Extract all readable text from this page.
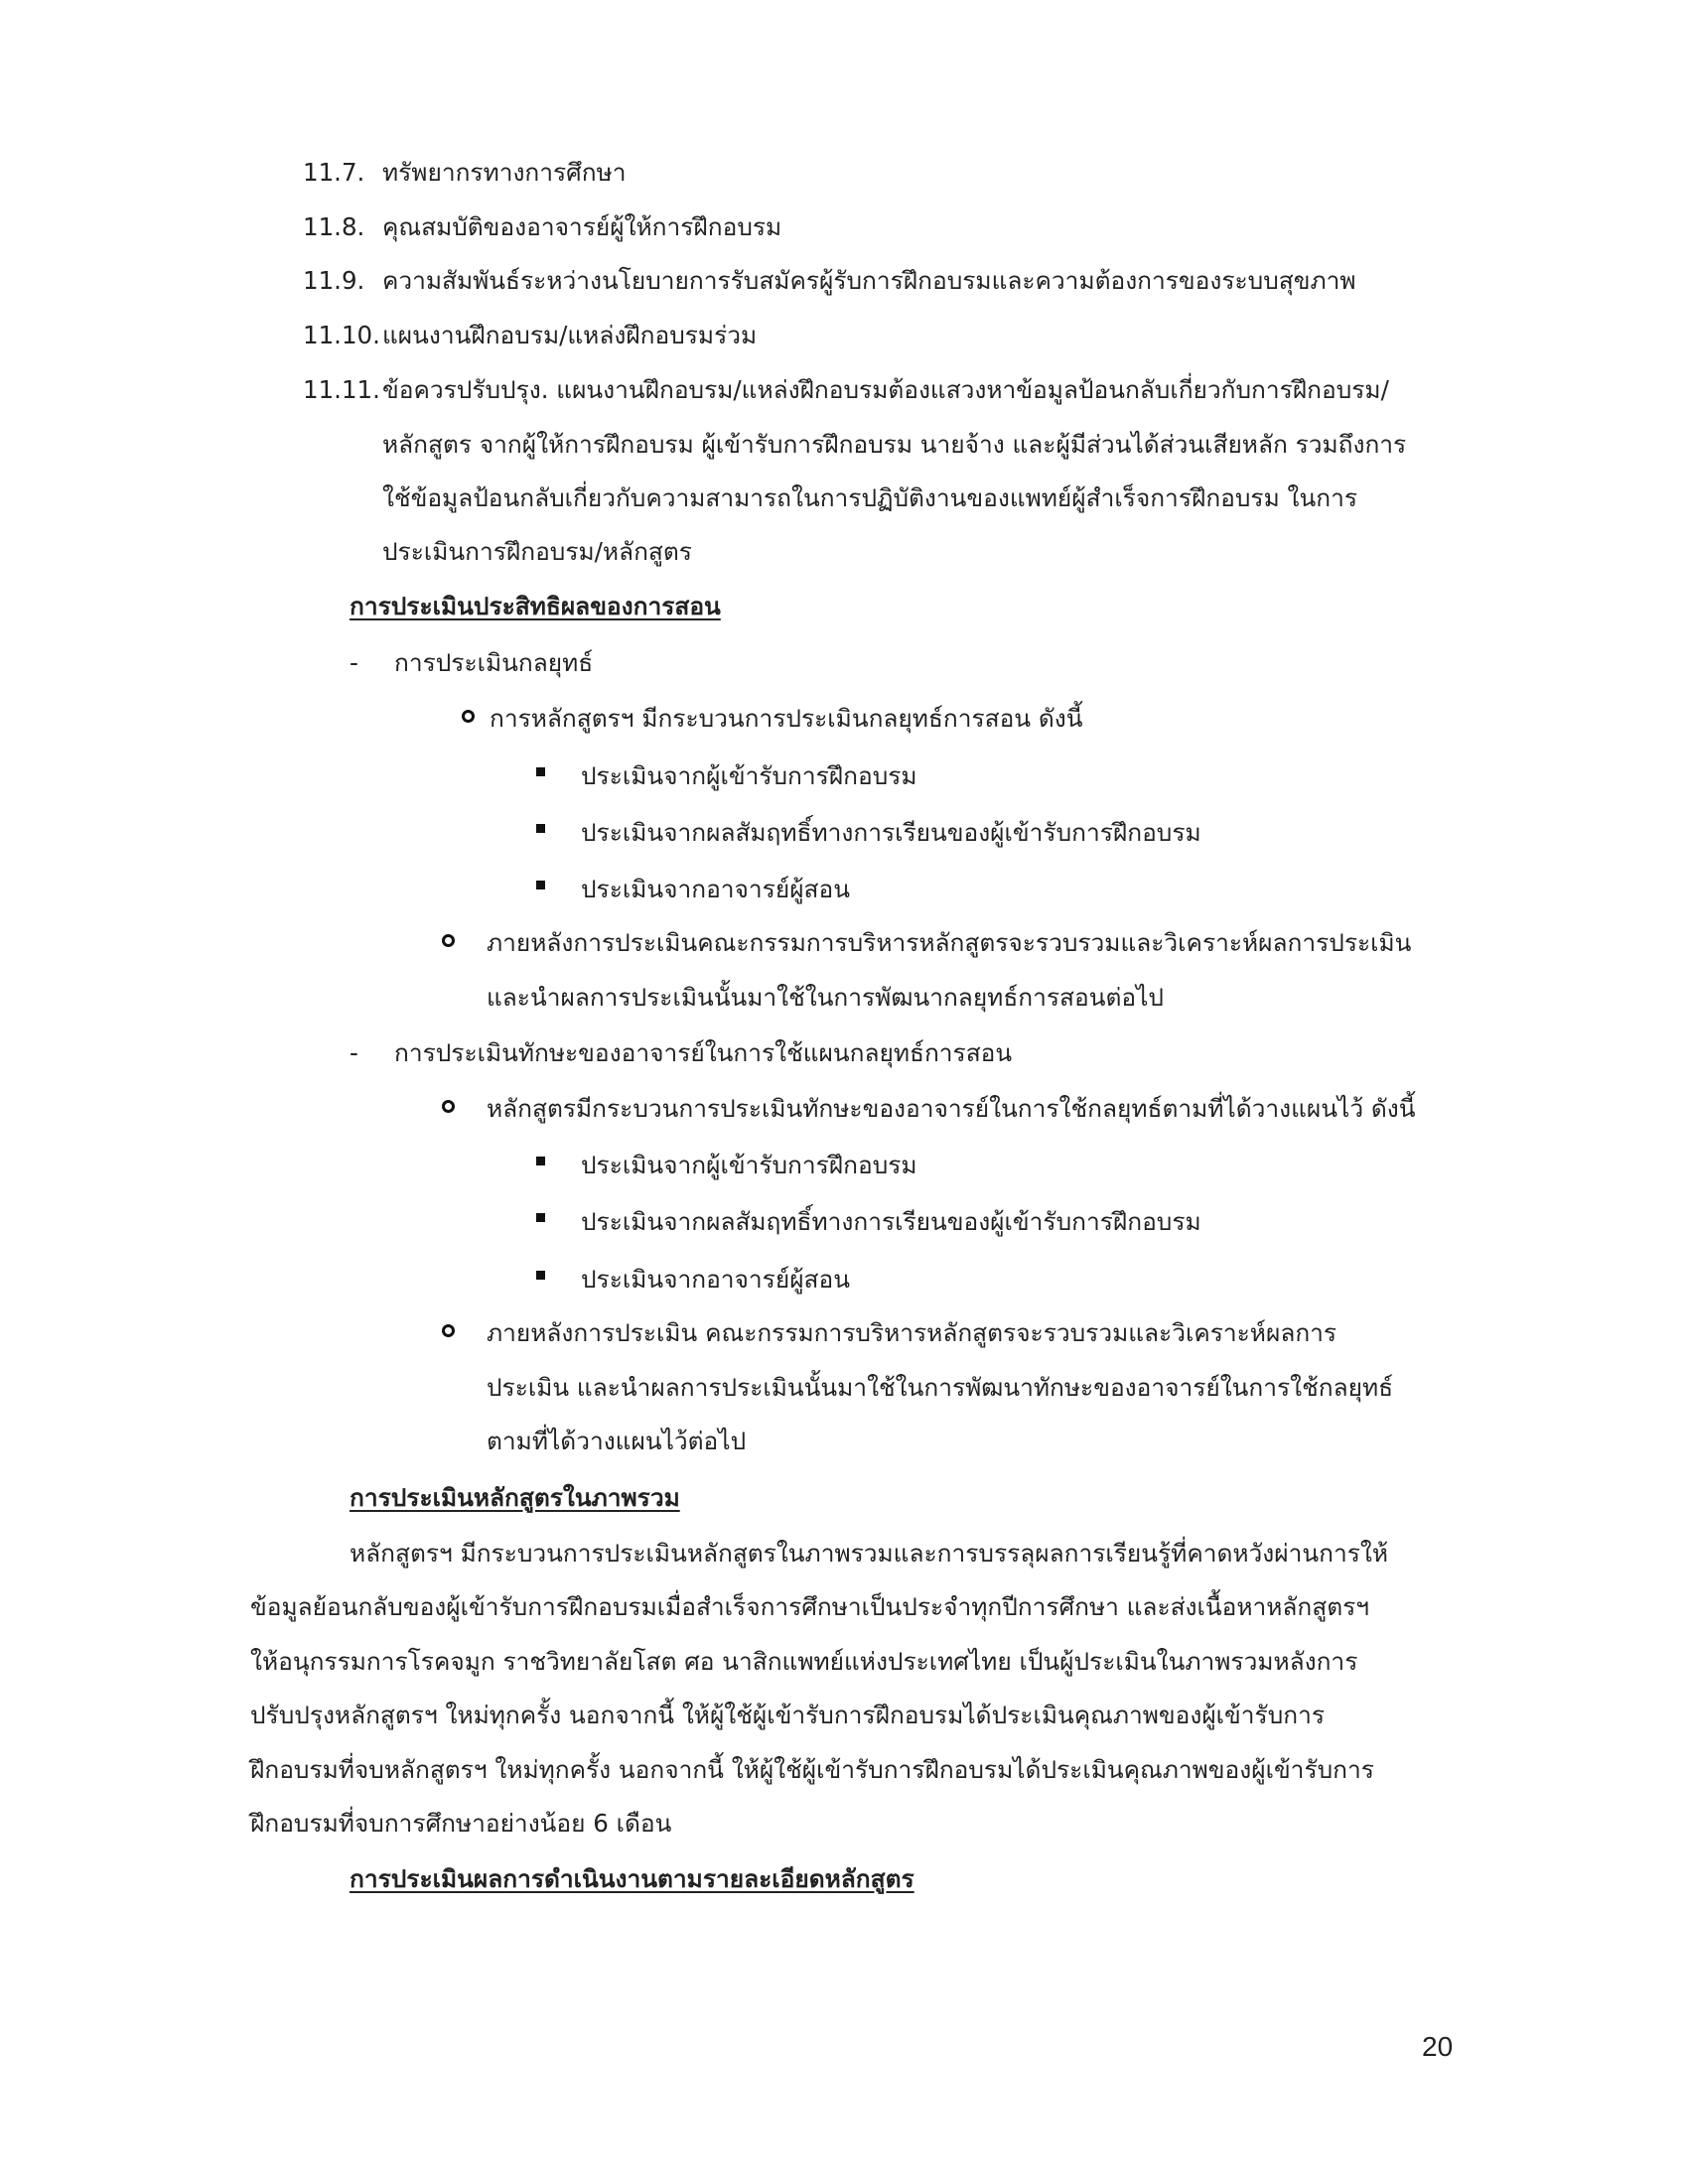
11.7. ทรัพยากรทางการศึกษา
11.8. คุณสมบัติของอาจารย์ผู้ให้การฝึกอบรม
11.9. ความสัมพันธ์ระหว่างนโยบายการรับสมัครผู้รับการฝึกอบรมและความต้องการของระบบสุขภาพ
11.10. แผนงานฝึกอบรม/แหล่งฝึกอบรมร่วม
11.11. ข้อควรปรับปรุง. แผนงานฝึกอบรม/แหล่งฝึกอบรมต้องแสวงหาข้อมูลป้อนกลับเกี่ยวกับการฝึกอบรม/
หลักสูตร จากผู้ให้การฝึกอบรม ผู้เข้ารับการฝึกอบรม นายจ้าง และผู้มีส่วนได้ส่วนเสียหลัก รวมถึงการ
ใช้ข้อมูลป้อนกลับเกี่ยวกับความสามารถในการปฏิบัติงานของแพทย์ผู้สำเร็จการฝึกอบรม ในการ
ประเมินการฝึกอบรม/หลักสูตร
การประเมินประสิทธิผลของการสอน
- การประเมินกลยุทธ์
การหลักสูตรฯ มีกระบวนการประเมินกลยุทธ์การสอน ดังนี้
ประเมินจากผู้เข้ารับการฝึกอบรม
ประเมินจากผลสัมฤทธิ์ทางการเรียนของผู้เข้ารับการฝึกอบรม
ประเมินจากอาจารย์ผู้สอน
ภายหลังการประเมินคณะกรรมการบริหารหลักสูตรจะรวบรวมและวิเคราะห์ผลการประเมิน
และนำผลการประเมินนั้นมาใช้ในการพัฒนากลยุทธ์การสอนต่อไป
- การประเมินทักษะของอาจารย์ในการใช้แผนกลยุทธ์การสอน
หลักสูตรมีกระบวนการประเมินทักษะของอาจารย์ในการใช้กลยุทธ์ตามที่ได้วางแผนไว้ ดังนี้
ประเมินจากผู้เข้ารับการฝึกอบรม
ประเมินจากผลสัมฤทธิ์ทางการเรียนของผู้เข้ารับการฝึกอบรม
ประเมินจากอาจารย์ผู้สอน
ภายหลังการประเมิน คณะกรรมการบริหารหลักสูตรจะรวบรวมและวิเคราะห์ผลการ
ประเมิน และนำผลการประเมินนั้นมาใช้ในการพัฒนาทักษะของอาจารย์ในการใช้กลยุทธ์
ตามที่ได้วางแผนไว้ต่อไป
การประเมินหลักสูตรในภาพรวม
หลักสูตรฯ มีกระบวนการประเมินหลักสูตรในภาพรวมและการบรรลุผลการเรียนรู้ที่คาดหวังผ่านการให้
ข้อมูลย้อนกลับของผู้เข้ารับการฝึกอบรมเมื่อสำเร็จการศึกษาเป็นประจำทุกปีการศึกษา และส่งเนื้อหาหลักสูตรฯ
ให้อนุกรรมการโรคจมูก ราชวิทยาลัยโสต ศอ นาสิกแพทย์แห่งประเทศไทย เป็นผู้ประเมินในภาพรวมหลังการ
ปรับปรุงหลักสูตรฯ ใหม่ทุกครั้ง นอกจากนี้ ให้ผู้ใช้ผู้เข้ารับการฝึกอบรมได้ประเมินคุณภาพของผู้เข้ารับการ
ฝึกอบรมที่จบหลักสูตรฯ ใหม่ทุกครั้ง นอกจากนี้ ให้ผู้ใช้ผู้เข้ารับการฝึกอบรมได้ประเมินคุณภาพของผู้เข้ารับการ
ฝึกอบรมที่จบการศึกษาอย่างน้อย 6 เดือน
การประเมินผลการดำเนินงานตามรายละเอียดหลักสูตร
20
